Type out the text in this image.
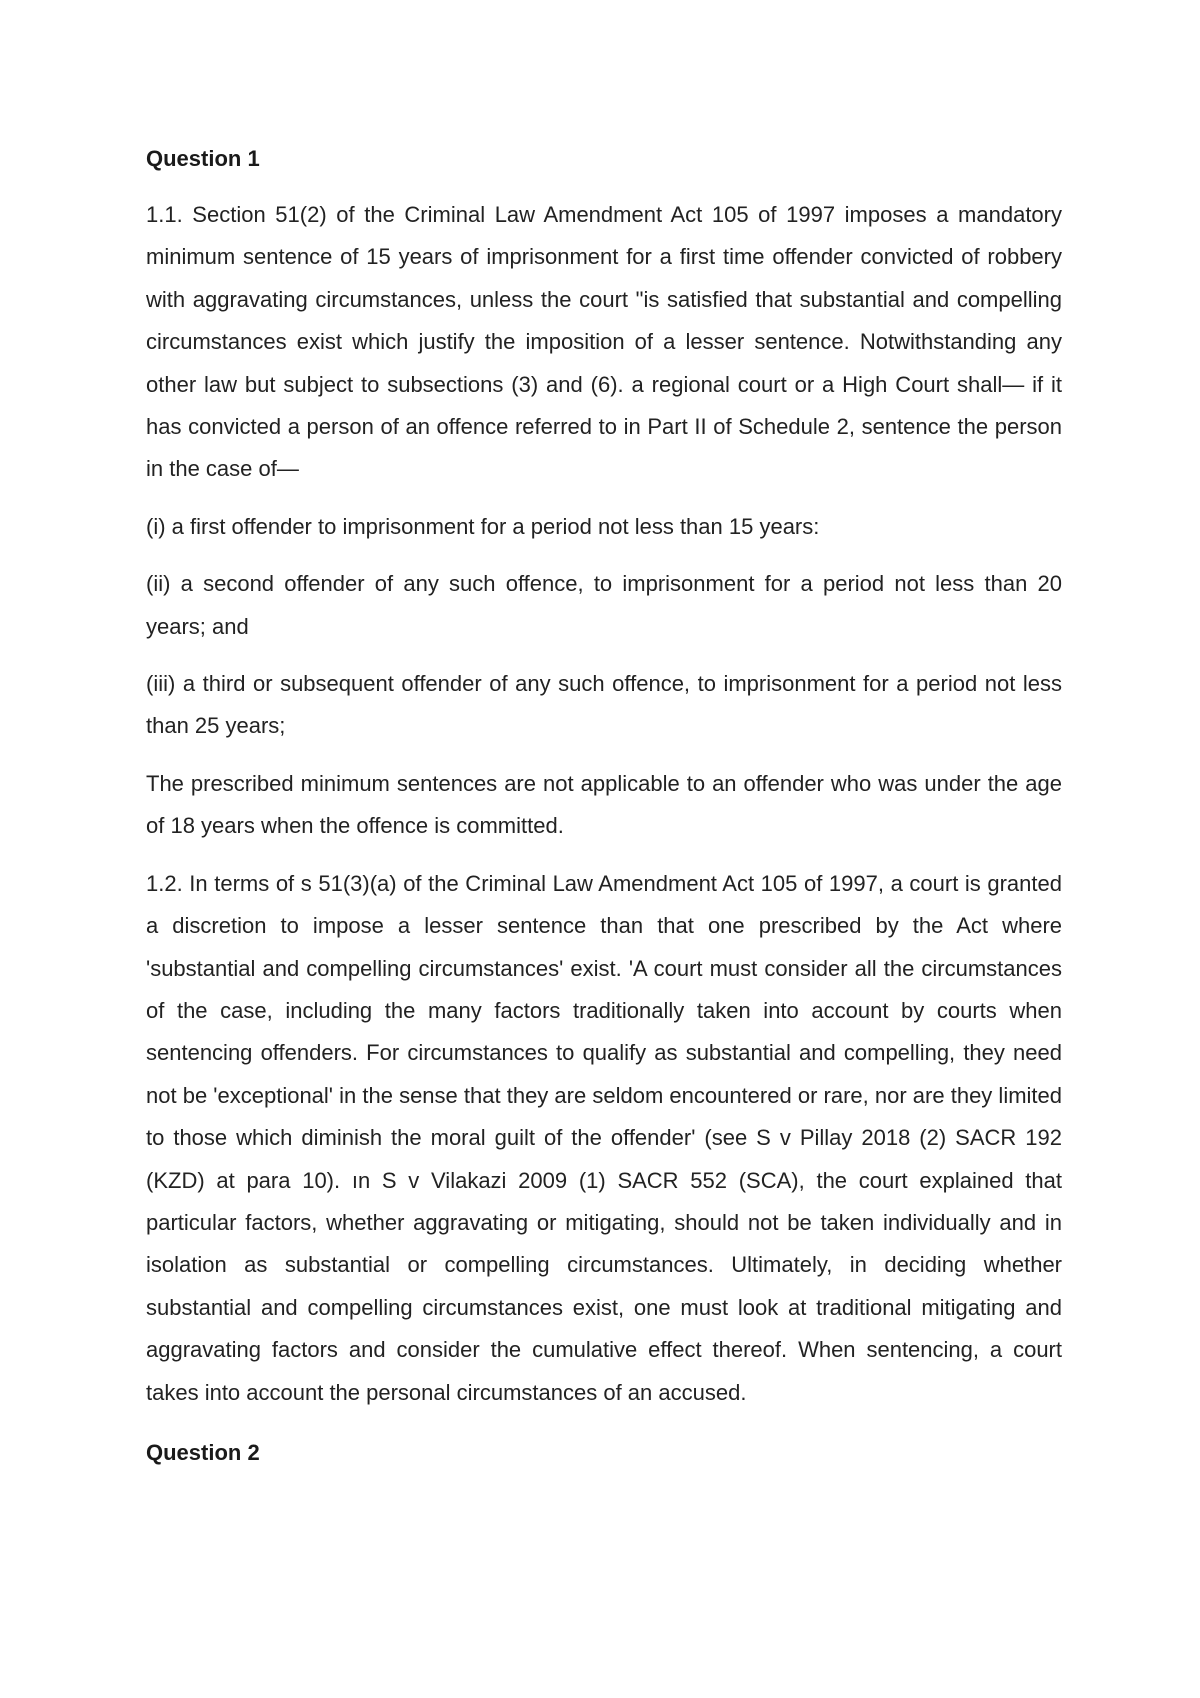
Question 1

1.1. Section 51(2) of the Criminal Law Amendment Act 105 of 1997 imposes a mandatory minimum sentence of 15 years of imprisonment for a first time offender convicted of robbery with aggravating circumstances, unless the court "is satisfied that substantial and compelling circumstances exist which justify the imposition of a lesser sentence. Notwithstanding any other law but subject to subsections (3) and (6). a regional court or a High Court shall— if it has convicted a person of an offence referred to in Part II of Schedule 2, sentence the person in the case of—

(i) a first offender to imprisonment for a period not less than 15 years:

(ii) a second offender of any such offence, to imprisonment for a period not less than 20 years; and

(iii) a third or subsequent offender of any such offence, to imprisonment for a period not less than 25 years;

The prescribed minimum sentences are not applicable to an offender who was under the age of 18 years when the offence is committed.

1.2. In terms of s 51(3)(a) of the Criminal Law Amendment Act 105 of 1997, a court is granted a discretion to impose a lesser sentence than that one prescribed by the Act where 'substantial and compelling circumstances' exist. 'A court must consider all the circumstances of the case, including the many factors traditionally taken into account by courts when sentencing offenders. For circumstances to qualify as substantial and compelling, they need not be 'exceptional' in the sense that they are seldom encountered or rare, nor are they limited to those which diminish the moral guilt of the offender' (see S v Pillay 2018 (2) SACR 192 (KZD) at para 10). ın S v Vilakazi 2009 (1) SACR 552 (SCA), the court explained that particular factors, whether aggravating or mitigating, should not be taken individually and in isolation as substantial or compelling circumstances. Ultimately, in deciding whether substantial and compelling circumstances exist, one must look at traditional mitigating and aggravating factors and consider the cumulative effect thereof. When sentencing, a court takes into account the personal circumstances of an accused.

Question 2
